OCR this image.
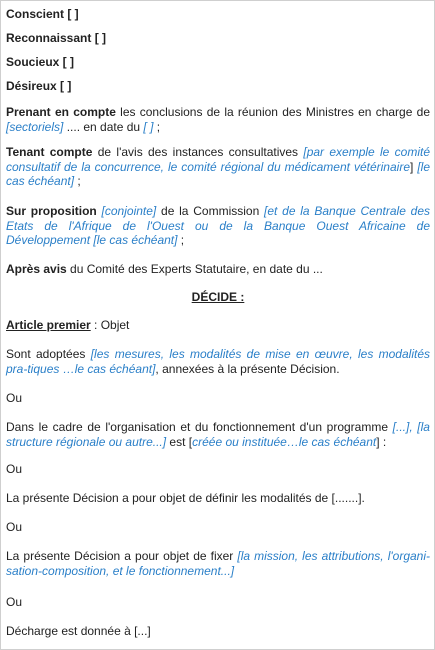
Conscient [ ]

Reconnaissant [ ]

Soucieux [ ]

Désireux [ ]

Prenant en compte les conclusions de la réunion des Ministres en charge de [sectoriels] .... en date du [ ] ;

Tenant compte de l'avis des instances consultatives [par exemple le comité consultatif de la concurrence, le comité régional du médicament vétérinaire] [le cas échéant] ;

Sur proposition [conjointe] de la Commission [et de la Banque Centrale des Etats de l'Afrique de l'Ouest ou de la Banque Ouest Africaine de Développement [le cas échéant] ;

Après avis du Comité des Experts Statutaire, en date du ...

DÉCIDE :

Article premier : Objet

Sont adoptées [les mesures, les modalités de mise en œuvre, les modalités pra-tiques …le cas échéant], annexées à la présente Décision.

Ou

Dans le cadre de l'organisation et du fonctionnement d'un programme [...], [la structure régionale ou autre...] est [créée ou instituée…le cas échéant] :

Ou

La présente Décision a pour objet de définir les modalités de [.......].

Ou

La présente Décision a pour objet de fixer [la mission, les attributions, l'organi-sation-composition, et le fonctionnement...]

Ou

Décharge est donnée à [...]
